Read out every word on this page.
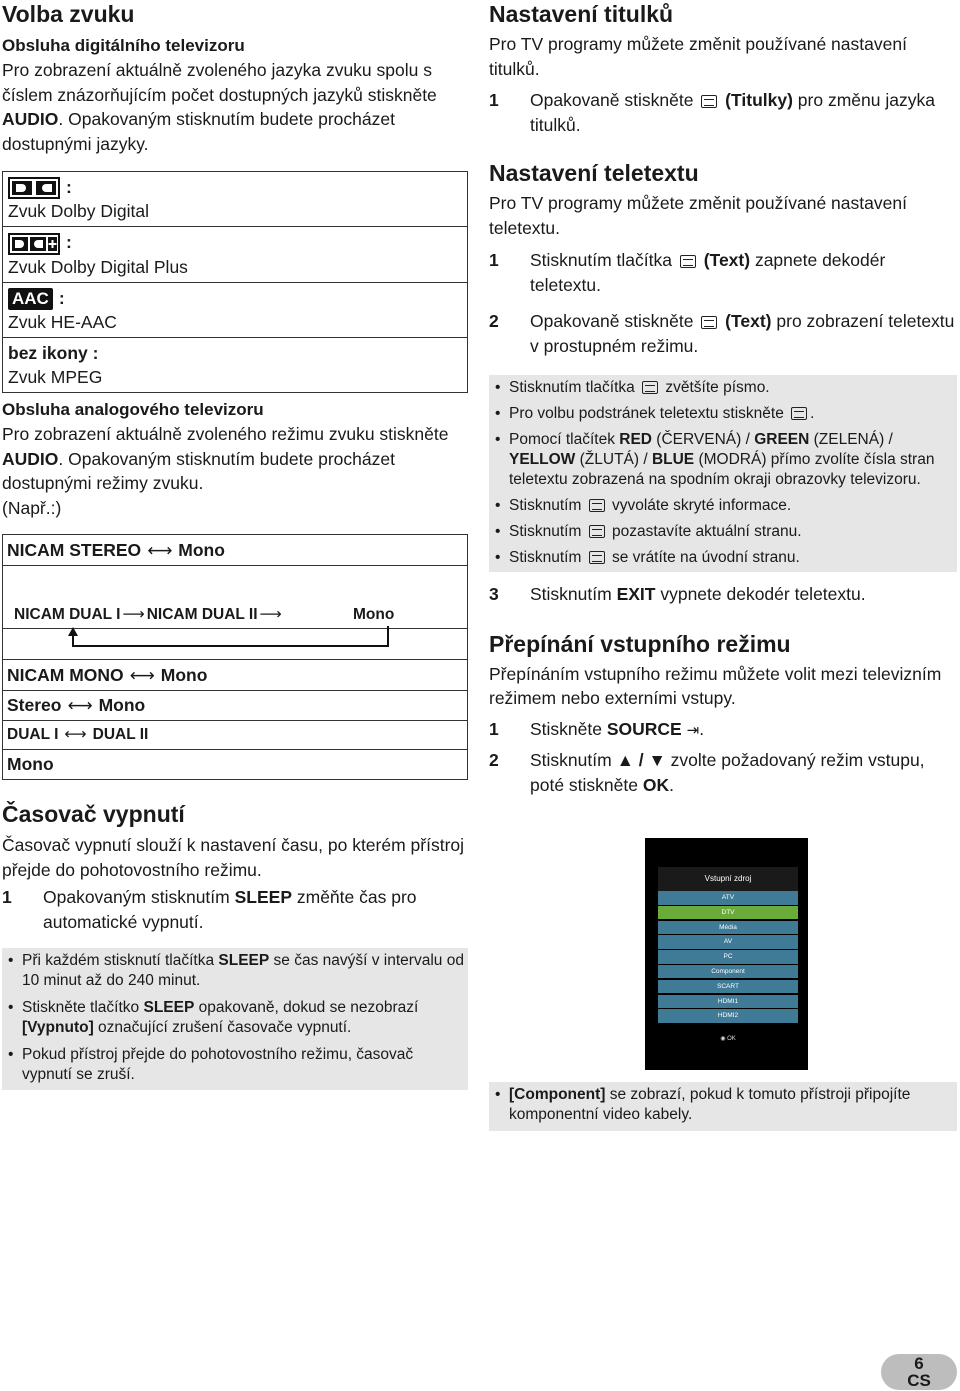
Volba zvuku
Obsluha digitálního televizoru

Pro zobrazení aktuálně zvoleného jazyka zvuku spolu s číslem znázorňujícím počet dostupných jazyků stiskněte AUDIO. Opakovaným stisknutím budete procházet dostupnými jazyky.

:
Zvuk Dolby Digital
:
Zvuk Dolby Digital Plus
AAC :
Zvuk HE-AAC
bez ikony :
Zvuk MPEG
Obsluha analogového televizoru

Pro zobrazení aktuálně zvoleného režimu zvuku stiskněte AUDIO. Opakovaným stisknutím budete procházet dostupnými režimy zvuku.

(Např.:)

NICAM STEREO ⟷ Mono
NICAM DUAL I ⟶ NICAM DUAL II ⟶	Mono
NICAM MONO ⟷ Mono
Stereo ⟷ Mono
DUAL I ⟷ DUAL II
Mono
Časovač vypnutí

Časovač vypnutí slouží k nastavení času, po kterém přístroj přejde do pohotovostního režimu.

1 Opakovaným stisknutím SLEEP změňte čas pro automatické vypnutí.
• Při každém stisknutí tlačítka SLEEP se čas navýší v intervalu od 10 minut až do 240 minut.
• Stiskněte tlačítko SLEEP opakovaně, dokud se nezobrazí [Vypnuto] označující zrušení časovače vypnutí.
• Pokud přístroj přejde do pohotovostního režimu, časovač vypnutí se zruší.
Nastavení titulků

Pro TV programy můžete změnit používané nastavení titulků.

1 Opakovaně stiskněte  (Titulky) pro změnu jazyka titulků.
Nastavení teletextu

Pro TV programy můžete změnit používané nastavení teletextu.

1 Stisknutím tlačítka  (Text) zapnete dekodér teletextu.
2 Opakovaně stiskněte  (Text) pro zobrazení teletextu v prostupném režimu.
• Stisknutím tlačítka  zvětšíte písmo.
• Pro volbu podstránek teletextu stiskněte .
• Pomocí tlačítek RED (ČERVENÁ) / GREEN (ZELENÁ) / YELLOW (ŽLUTÁ) / BLUE (MODRÁ) přímo zvolíte čísla stran teletextu zobrazená na spodním okraji obrazovky televizoru.
• Stisknutím  vyvoláte skryté informace.
• Stisknutím  pozastavíte aktuální stranu.
• Stisknutím  se vrátíte na úvodní stranu.
3 Stisknutím EXIT vypnete dekodér teletextu.
Přepínání vstupního režimu

Přepínáním vstupního režimu můžete volit mezi televizním režimem nebo externími vstupy.

1 Stiskněte SOURCE ⇥.
2 Stisknutím ▲ / ▼ zvolte požadovaný režim vstupu, poté stiskněte OK.
Vstupní zdroj
ATV
DTV
Média
AV
PC
Component
SCART
HDMI1
HDMI2
◉ OK
• [Component] se zobrazí, pokud k tomuto přístroji připojíte komponentní video kabely.
6
CS
